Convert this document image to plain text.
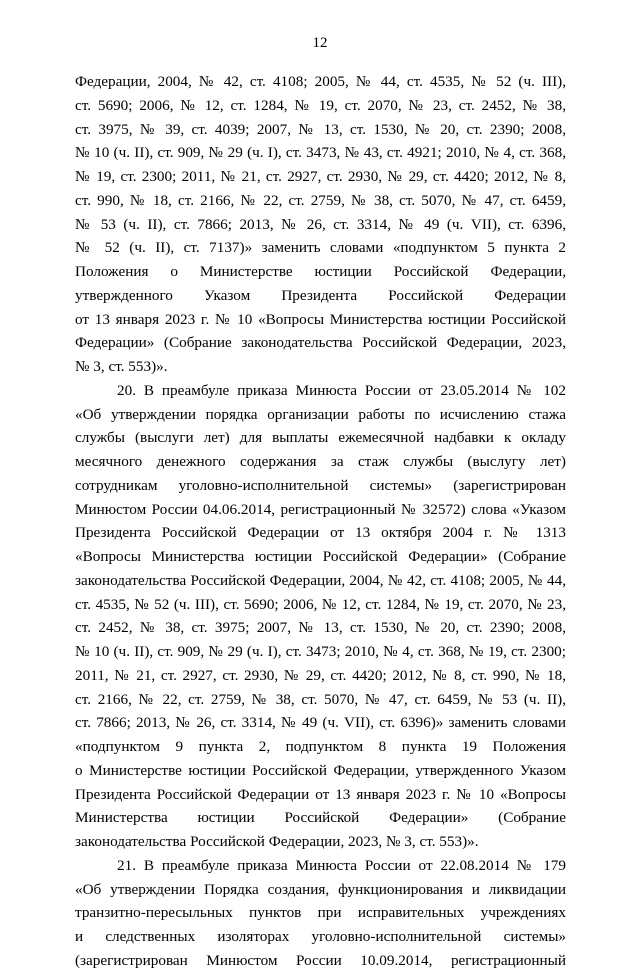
12
Федерации, 2004, № 42, ст. 4108; 2005, № 44, ст. 4535, № 52 (ч. III),
ст. 5690; 2006, № 12, ст. 1284, № 19, ст. 2070, № 23, ст. 2452, № 38,
ст. 3975, № 39, ст. 4039; 2007, № 13, ст. 1530, № 20, ст. 2390; 2008,
№ 10 (ч. II), ст. 909, № 29 (ч. I), ст. 3473, № 43, ст. 4921; 2010, № 4, ст. 368,
№ 19, ст. 2300; 2011, № 21, ст. 2927, ст. 2930, № 29, ст. 4420; 2012, № 8,
ст. 990, № 18, ст. 2166, № 22, ст. 2759, № 38, ст. 5070, № 47, ст. 6459,
№ 53 (ч. II), ст. 7866; 2013, № 26, ст. 3314, № 49 (ч. VII), ст. 6396,
№ 52 (ч. II), ст. 7137)» заменить словами «подпунктом 5 пункта 2
Положения о Министерстве юстиции Российской Федерации,
утвержденного Указом Президента Российской Федерации
от 13 января 2023 г. № 10 «Вопросы Министерства юстиции Российской
Федерации» (Собрание законодательства Российской Федерации, 2023,
№ 3, ст. 553)».
20. В преамбуле приказа Минюста России от 23.05.2014 № 102
«Об утверждении порядка организации работы по исчислению стажа
службы (выслуги лет) для выплаты ежемесячной надбавки к окладу
месячного денежного содержания за стаж службы (выслугу лет)
сотрудникам уголовно-исполнительной системы» (зарегистрирован
Минюстом России 04.06.2014, регистрационный № 32572) слова «Указом
Президента Российской Федерации от 13 октября 2004 г. № 1313
«Вопросы Министерства юстиции Российской Федерации» (Собрание
законодательства Российской Федерации, 2004, № 42, ст. 4108; 2005, № 44,
ст. 4535, № 52 (ч. III), ст. 5690; 2006, № 12, ст. 1284, № 19, ст. 2070, № 23,
ст. 2452, № 38, ст. 3975; 2007, № 13, ст. 1530, № 20, ст. 2390; 2008,
№ 10 (ч. II), ст. 909, № 29 (ч. I), ст. 3473; 2010, № 4, ст. 368, № 19, ст. 2300;
2011, № 21, ст. 2927, ст. 2930, № 29, ст. 4420; 2012, № 8, ст. 990, № 18,
ст. 2166, № 22, ст. 2759, № 38, ст. 5070, № 47, ст. 6459, № 53 (ч. II),
ст. 7866; 2013, № 26, ст. 3314, № 49 (ч. VII), ст. 6396)» заменить словами
«подпунктом 9 пункта 2, подпунктом 8 пункта 19 Положения
о Министерстве юстиции Российской Федерации, утвержденного Указом
Президента Российской Федерации от 13 января 2023 г. № 10 «Вопросы
Министерства юстиции Российской Федерации» (Собрание
законодательства Российской Федерации, 2023, № 3, ст. 553)».
21. В преамбуле приказа Минюста России от 22.08.2014 № 179
«Об утверждении Порядка создания, функционирования и ликвидации
транзитно-пересыльных пунктов при исправительных учреждениях
и следственных изоляторах уголовно-исполнительной системы»
(зарегистрирован Минюстом России 10.09.2014, регистрационный
